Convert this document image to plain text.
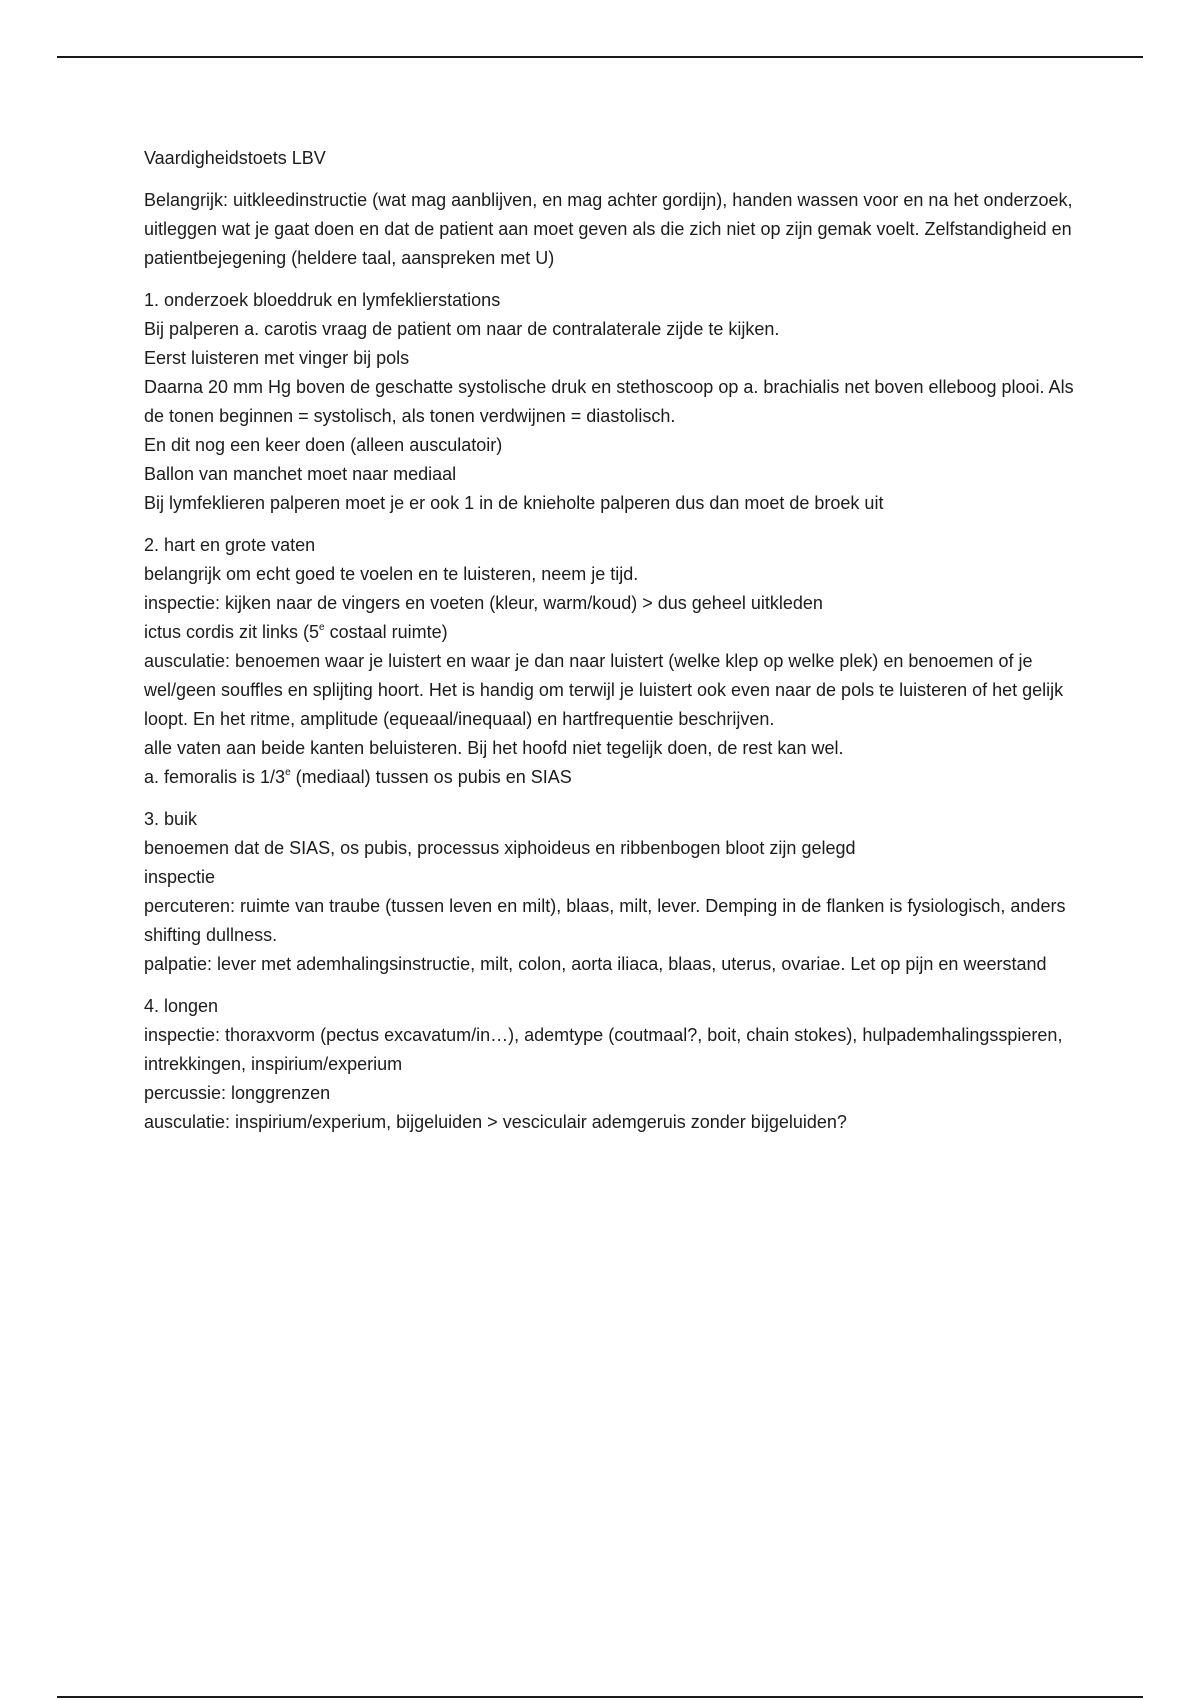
Vaardigheidstoets LBV
Belangrijk: uitkleedinstructie (wat mag aanblijven, en mag achter gordijn), handen wassen voor en na het onderzoek, uitleggen wat je gaat doen en dat de patient aan moet geven als die zich niet op zijn gemak voelt. Zelfstandigheid en patientbejegening (heldere taal, aanspreken met U)
1. onderzoek bloeddruk en lymfeklierstations
Bij palperen a. carotis vraag de patient om naar de contralaterale zijde te kijken.
Eerst luisteren met vinger bij pols
Daarna 20 mm Hg boven de geschatte systolische druk en stethoscoop op a. brachialis net boven elleboog plooi. Als de tonen beginnen = systolisch, als tonen verdwijnen = diastolisch.
En dit nog een keer doen (alleen ausculatoir)
Ballon van manchet moet naar mediaal
Bij lymfeklieren palperen moet je er ook 1 in de knieholte palperen dus dan moet de broek uit
2. hart en grote vaten
belangrijk om echt goed te voelen en te luisteren, neem je tijd.
inspectie: kijken naar de vingers en voeten (kleur, warm/koud) > dus geheel uitkleden
ictus cordis zit links (5e costaal ruimte)
ausculatie: benoemen waar je luistert en waar je dan naar luistert (welke klep op welke plek) en benoemen of je wel/geen souffles en splijting hoort. Het is handig om terwijl je luistert ook even naar de pols te luisteren of het gelijk loopt. En het ritme, amplitude (equeaal/inequaal) en hartfrequentie beschrijven.
alle vaten aan beide kanten beluisteren. Bij het hoofd niet tegelijk doen, de rest kan wel.
a. femoralis is 1/3e (mediaal) tussen os pubis en SIAS
3. buik
benoemen dat de SIAS, os pubis, processus xiphoideus en ribbenbogen bloot zijn gelegd
inspectie
percuteren: ruimte van traube (tussen leven en milt), blaas, milt, lever. Demping in de flanken is fysiologisch, anders shifting dullness.
palpatie: lever met ademhalingsinstructie, milt, colon, aorta iliaca, blaas, uterus, ovariae. Let op pijn en weerstand
4. longen
inspectie: thoraxvorm (pectus excavatum/in…), ademtype (coutmaal?, boit, chain stokes), hulpademhalingsspieren, intrekkingen, inspirium/experium
percussie: longgrenzen
ausculatie: inspirium/experium, bijgeluiden > vesciculair ademgeruis zonder bijgeluiden?
